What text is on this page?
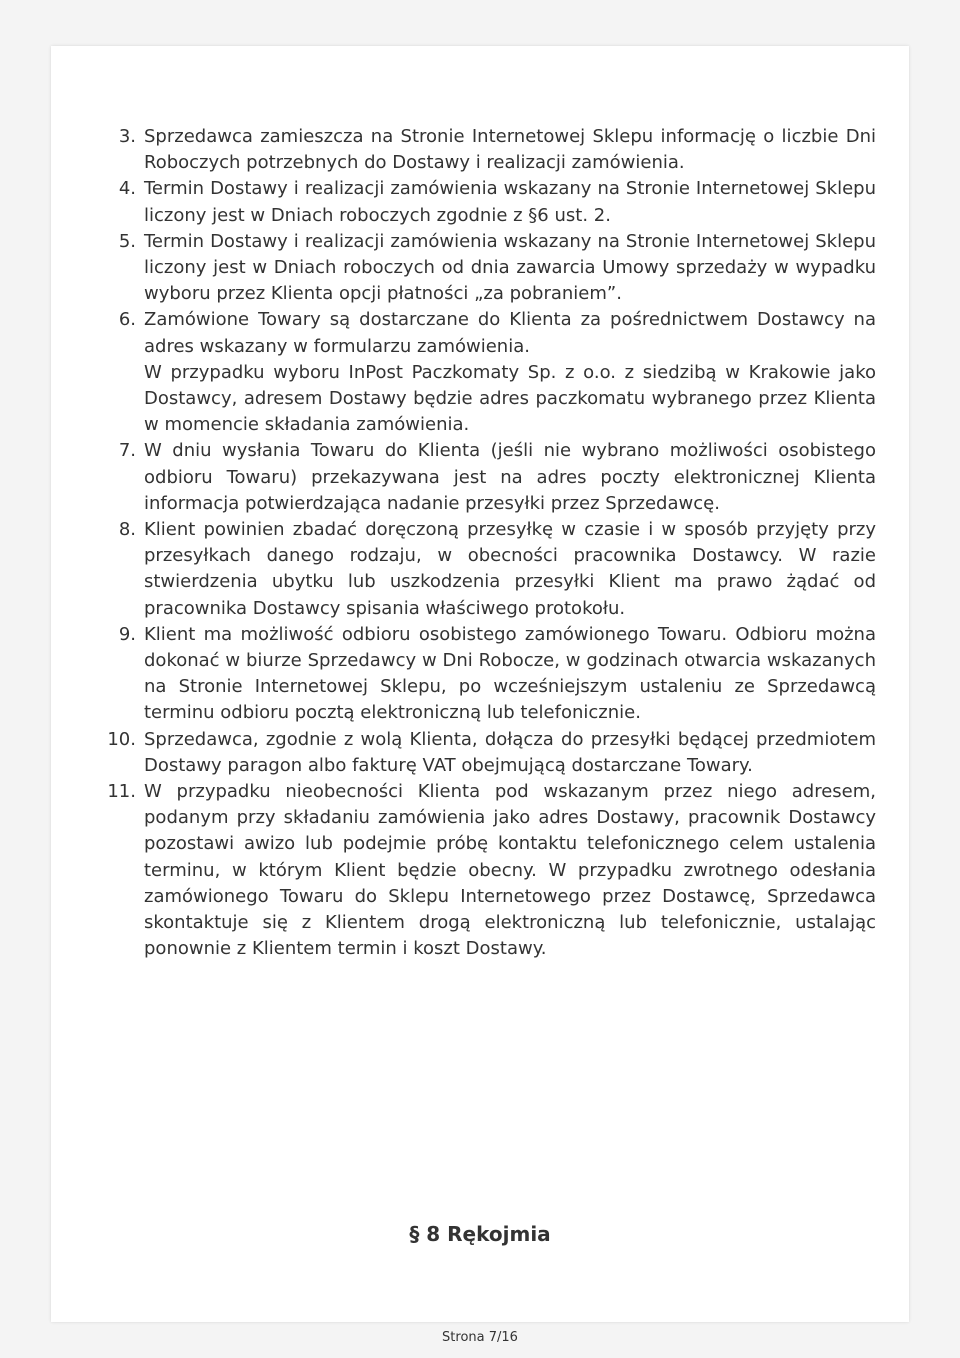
3. Sprzedawca zamieszcza na Stronie Internetowej Sklepu informację o liczbie Dni Roboczych potrzebnych do Dostawy i realizacji zamówienia.

4. Termin Dostawy i realizacji zamówienia wskazany na Stronie Internetowej Sklepu liczony jest w Dniach roboczych zgodnie z §6 ust. 2.

5. Termin Dostawy i realizacji zamówienia wskazany na Stronie Internetowej Sklepu liczony jest w Dniach roboczych od dnia zawarcia Umowy sprzedaży w wypadku wyboru przez Klienta opcji płatności „za pobraniem”.

6. Zamówione Towary są dostarczane do Klienta za pośrednictwem Dostawcy na adres wskazany w formularzu zamówienia.

W przypadku wyboru InPost Paczkomaty Sp. z o.o. z siedzibą w Krakowie jako Dostawcy, adresem Dostawy będzie adres paczkomatu wybranego przez Klienta w momencie składania zamówienia.

7. W dniu wysłania Towaru do Klienta (jeśli nie wybrano możliwości osobistego odbioru Towaru) przekazywana jest na adres poczty elektronicznej Klienta informacja potwierdzająca nadanie przesyłki przez Sprzedawcę.

8. Klient powinien zbadać doręczoną przesyłkę w czasie i w sposób przyjęty przy przesyłkach danego rodzaju, w obecności pracownika Dostawcy. W razie stwierdzenia ubytku lub uszkodzenia przesyłki Klient ma prawo żądać od pracownika Dostawcy spisania właściwego protokołu.

9. Klient ma możliwość odbioru osobistego zamówionego Towaru. Odbioru można dokonać w biurze Sprzedawcy w Dni Robocze, w godzinach otwarcia wskazanych na Stronie Internetowej Sklepu, po wcześniejszym ustaleniu ze Sprzedawcą terminu odbioru pocztą elektroniczną lub telefonicznie.

10. Sprzedawca, zgodnie z wolą Klienta, dołącza do przesyłki będącej przedmiotem Dostawy paragon albo fakturę VAT obejmującą dostarczane Towary.

11. W przypadku nieobecności Klienta pod wskazanym przez niego adresem, podanym przy składaniu zamówienia jako adres Dostawy, pracownik Dostawcy pozostawi awizo lub podejmie próbę kontaktu telefonicznego celem ustalenia terminu, w którym Klient będzie obecny. W przypadku zwrotnego odesłania zamówionego Towaru do Sklepu Internetowego przez Dostawcę, Sprzedawca skontaktuje się z Klientem drogą elektroniczną lub telefonicznie, ustalając ponownie z Klientem termin i koszt Dostawy.

§ 8 Rękojmia
Strona 7/16
